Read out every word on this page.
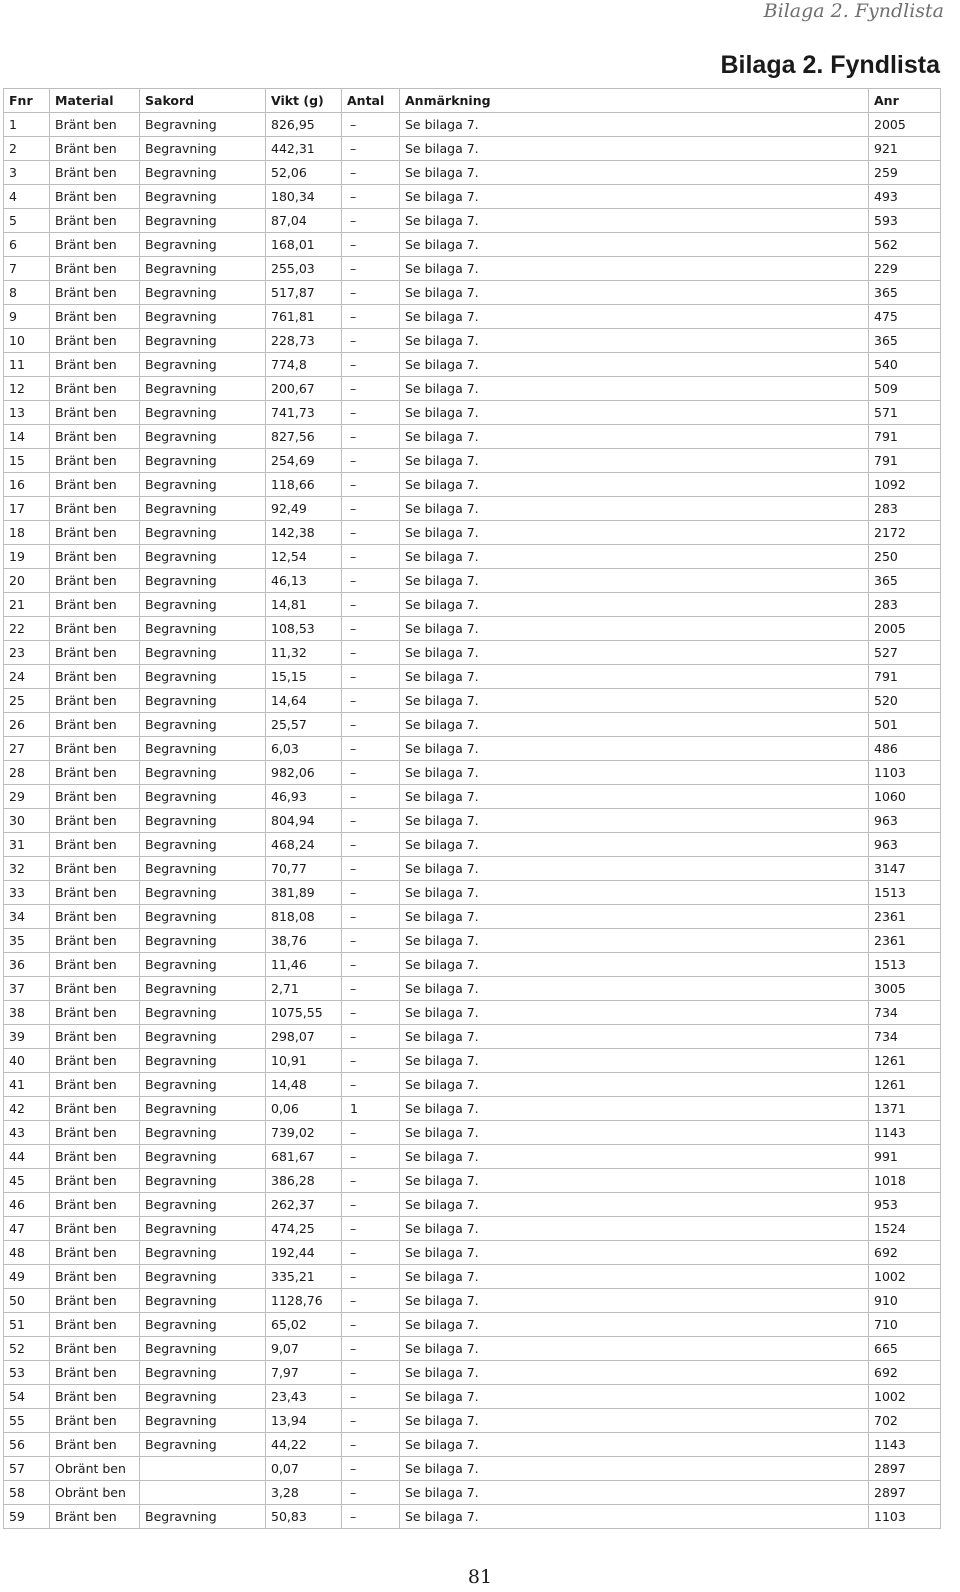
Bilaga 2. Fyndlista
Bilaga 2. Fyndlista
Fnr	Material	Sakord	Vikt (g)	Antal	Anmärkning	Anr
1	Bränt ben	Begravning	826,95	–	Se bilaga 7.	2005
2	Bränt ben	Begravning	442,31	–	Se bilaga 7.	921
3	Bränt ben	Begravning	52,06	–	Se bilaga 7.	259
4	Bränt ben	Begravning	180,34	–	Se bilaga 7.	493
5	Bränt ben	Begravning	87,04	–	Se bilaga 7.	593
6	Bränt ben	Begravning	168,01	–	Se bilaga 7.	562
7	Bränt ben	Begravning	255,03	–	Se bilaga 7.	229
8	Bränt ben	Begravning	517,87	–	Se bilaga 7.	365
9	Bränt ben	Begravning	761,81	–	Se bilaga 7.	475
10	Bränt ben	Begravning	228,73	–	Se bilaga 7.	365
11	Bränt ben	Begravning	774,8	–	Se bilaga 7.	540
12	Bränt ben	Begravning	200,67	–	Se bilaga 7.	509
13	Bränt ben	Begravning	741,73	–	Se bilaga 7.	571
14	Bränt ben	Begravning	827,56	–	Se bilaga 7.	791
15	Bränt ben	Begravning	254,69	–	Se bilaga 7.	791
16	Bränt ben	Begravning	118,66	–	Se bilaga 7.	1092
17	Bränt ben	Begravning	92,49	–	Se bilaga 7.	283
18	Bränt ben	Begravning	142,38	–	Se bilaga 7.	2172
19	Bränt ben	Begravning	12,54	–	Se bilaga 7.	250
20	Bränt ben	Begravning	46,13	–	Se bilaga 7.	365
21	Bränt ben	Begravning	14,81	–	Se bilaga 7.	283
22	Bränt ben	Begravning	108,53	–	Se bilaga 7.	2005
23	Bränt ben	Begravning	11,32	–	Se bilaga 7.	527
24	Bränt ben	Begravning	15,15	–	Se bilaga 7.	791
25	Bränt ben	Begravning	14,64	–	Se bilaga 7.	520
26	Bränt ben	Begravning	25,57	–	Se bilaga 7.	501
27	Bränt ben	Begravning	6,03	–	Se bilaga 7.	486
28	Bränt ben	Begravning	982,06	–	Se bilaga 7.	1103
29	Bränt ben	Begravning	46,93	–	Se bilaga 7.	1060
30	Bränt ben	Begravning	804,94	–	Se bilaga 7.	963
31	Bränt ben	Begravning	468,24	–	Se bilaga 7.	963
32	Bränt ben	Begravning	70,77	–	Se bilaga 7.	3147
33	Bränt ben	Begravning	381,89	–	Se bilaga 7.	1513
34	Bränt ben	Begravning	818,08	–	Se bilaga 7.	2361
35	Bränt ben	Begravning	38,76	–	Se bilaga 7.	2361
36	Bränt ben	Begravning	11,46	–	Se bilaga 7.	1513
37	Bränt ben	Begravning	2,71	–	Se bilaga 7.	3005
38	Bränt ben	Begravning	1075,55	–	Se bilaga 7.	734
39	Bränt ben	Begravning	298,07	–	Se bilaga 7.	734
40	Bränt ben	Begravning	10,91	–	Se bilaga 7.	1261
41	Bränt ben	Begravning	14,48	–	Se bilaga 7.	1261
42	Bränt ben	Begravning	0,06	1	Se bilaga 7.	1371
43	Bränt ben	Begravning	739,02	–	Se bilaga 7.	1143
44	Bränt ben	Begravning	681,67	–	Se bilaga 7.	991
45	Bränt ben	Begravning	386,28	–	Se bilaga 7.	1018
46	Bränt ben	Begravning	262,37	–	Se bilaga 7.	953
47	Bränt ben	Begravning	474,25	–	Se bilaga 7.	1524
48	Bränt ben	Begravning	192,44	–	Se bilaga 7.	692
49	Bränt ben	Begravning	335,21	–	Se bilaga 7.	1002
50	Bränt ben	Begravning	1128,76	–	Se bilaga 7.	910
51	Bränt ben	Begravning	65,02	–	Se bilaga 7.	710
52	Bränt ben	Begravning	9,07	–	Se bilaga 7.	665
53	Bränt ben	Begravning	7,97	–	Se bilaga 7.	692
54	Bränt ben	Begravning	23,43	–	Se bilaga 7.	1002
55	Bränt ben	Begravning	13,94	–	Se bilaga 7.	702
56	Bränt ben	Begravning	44,22	–	Se bilaga 7.	1143
57	Obränt ben		0,07	–	Se bilaga 7.	2897
58	Obränt ben		3,28	–	Se bilaga 7.	2897
59	Bränt ben	Begravning	50,83	–	Se bilaga 7.	1103
81
